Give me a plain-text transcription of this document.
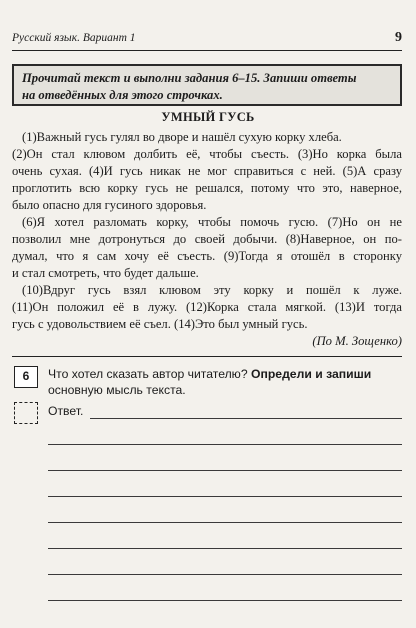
Русский язык. Вариант 1	9
Прочитай текст и выполни задания 6–15. Запиши ответы
на отведённых для этого строчках.
УМНЫЙ ГУСЬ
(1)Важный гусь гулял во дворе и нашёл сухую корку хлеба.
(2)Он стал клювом долбить её, чтобы съесть. (3)Но корка была
очень сухая. (4)И гусь никак не мог справиться с ней. (5)А сразу
проглотить всю корку гусь не решался, потому что это, наверное,
было опасно для гусиного здоровья.
(6)Я хотел разломать корку, чтобы помочь гусю. (7)Но он не
позволил мне дотронуться до своей добычи. (8)Наверное, он по-
думал, что я сам хочу её съесть. (9)Тогда я отошёл в сторонку
и стал смотреть, что будет дальше.
(10)Вдруг гусь взял клювом эту корку и пошёл к луже.
(11)Он положил её в лужу. (12)Корка стала мягкой. (13)И тогда
гусь с удовольствием её съел. (14)Это был умный гусь.
(По М. Зощенко)
6	Что хотел сказать автор читателю? Определи и запиши
основную мысль текста.
Ответ.
